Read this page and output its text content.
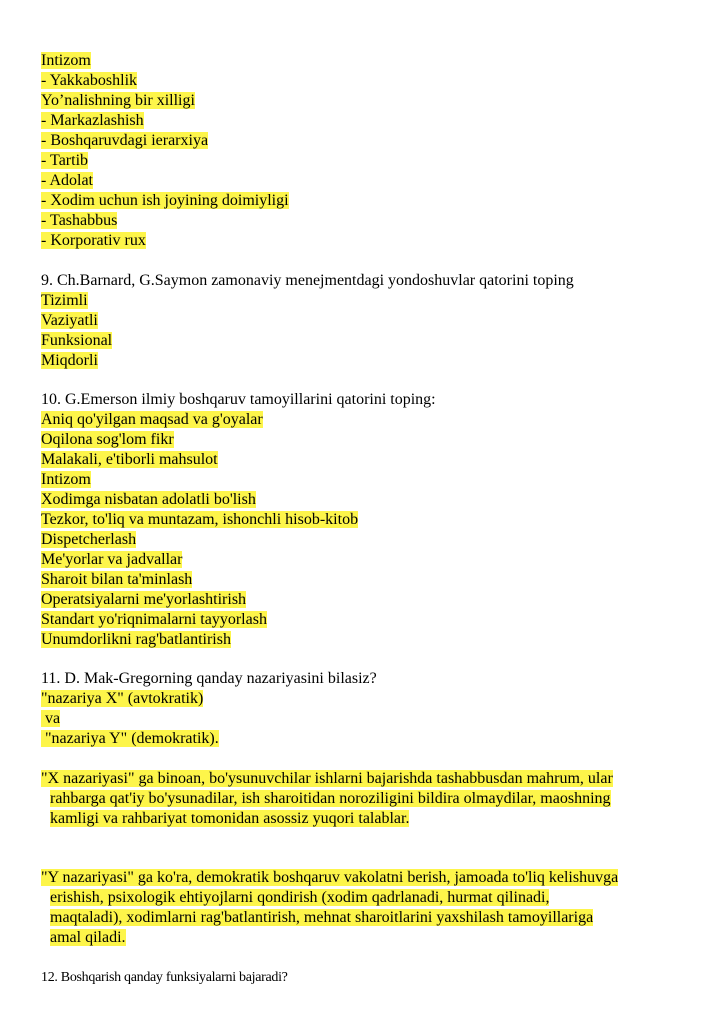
Intizom
- Yakkaboshlik
Yo’nalishning bir xilligi
- Markazlashish
- Boshqaruvdagi ierarxiya
- Tartib
- Adolat
- Xodim uchun ish joyining doimiyligi
- Tashabbus
- Korporativ rux
9. Ch.Barnard, G.Saymon zamonaviy menejmentdagi yondoshuvlar qatorini toping
Tizimli
Vaziyatli
Funksional
Miqdorli
10. G.Emerson ilmiy boshqaruv tamoyillarini qatorini toping:
Aniq qo'yilgan maqsad va g'oyalar
Oqilona sog'lom fikr
Malakali, e'tiborli mahsulot
Intizom
Xodimga nisbatan adolatli bo'lish
Tezkor, to'liq va muntazam, ishonchli hisob-kitob
Dispetcherlash
Me'yorlar va jadvallar
Sharoit bilan ta'minlash
Operatsiyalarni me'yorlashtirish
Standart yo'riqnimalarni tayyorlash
Unumdorlikni rag'batlantirish
11. D. Mak-Gregorning qanday nazariyasini bilasiz?
"nazariya X" (avtokratik)
va
"nazariya Y" (demokratik).
"X nazariyasi" ga binoan, bo'ysunuvchilar ishlarni bajarishda tashabbusdan mahrum, ular
rahbarga qat'iy bo'ysunadilar, ish sharoitidan noroziligini bildira olmaydilar, maoshning
kamligi va rahbariyat tomonidan asossiz yuqori talablar.
"Y nazariyasi" ga ko'ra, demokratik boshqaruv vakolatni berish, jamoada to'liq kelishuvga
erishish, psixologik ehtiyojlarni qondirish (xodim qadrlanadi, hurmat qilinadi,
maqtaladi), xodimlarni rag'batlantirish, mehnat sharoitlarini yaxshilash tamoyillariga
amal qiladi.
12. Boshqarish qanday funksiyalarni bajaradi?
